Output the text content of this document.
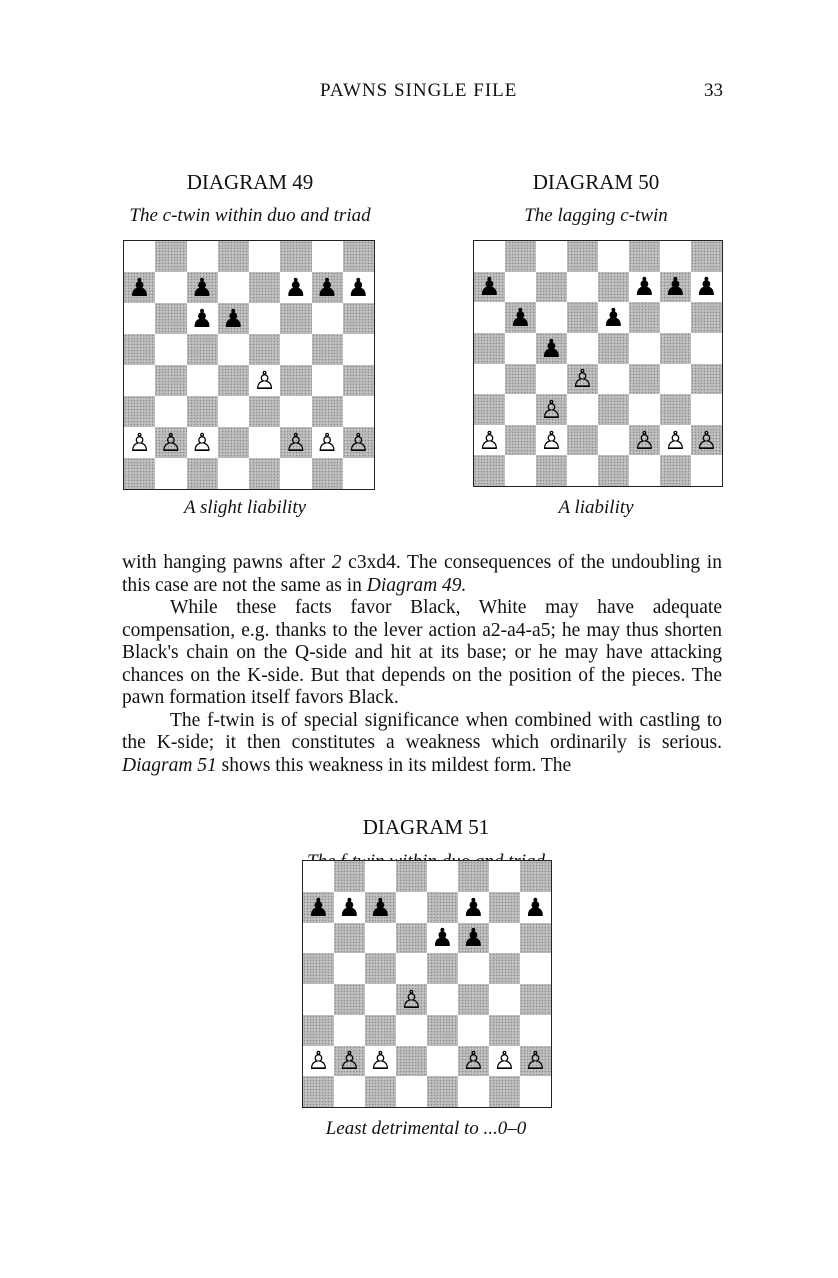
PAWNS SINGLE FILE	33
DIAGRAM 49
The c-twin within duo and triad
♟ ♟	♟ ♟ ♟
♟ ♟
♙
♙ ♙ ♙	♙ ♙ ♙
A slight liability
DIAGRAM 50
The lagging c-twin
♟	♟ ♟ ♟
♟	♟
♟
♙
♙
♙ ♙	♙ ♙ ♙
A liability

with hanging pawns after 2 c3xd4. The consequences of the undoubling in this case are not the same as in Diagram 49.

While these facts favor Black, White may have adequate compensation, e.g. thanks to the lever action a2-a4-a5; he may thus shorten Black's chain on the Q-side and hit at its base; or he may have attacking chances on the K-side. But that depends on the position of the pieces. The pawn formation itself favors Black.

The f-twin is of special significance when combined with castling to the K-side; it then constitutes a weakness which ordinarily is serious. Diagram 51 shows this weakness in its mildest form. The

DIAGRAM 51
♟ ♟ ♟	♟ ♟
♟ ♟
♙
♙ ♙ ♙	♙ ♙ ♙
Least detrimental to ...0–0
